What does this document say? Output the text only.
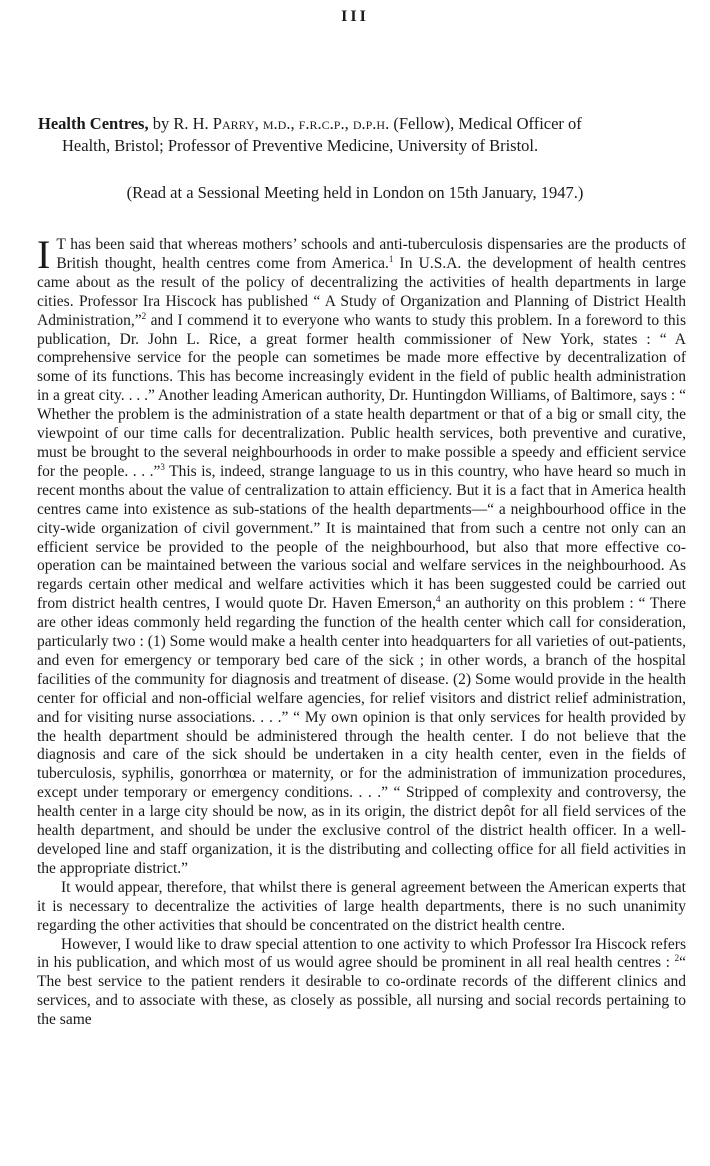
III
Health Centres, by R. H. Parry, m.d., f.r.c.p., d.p.h. (Fellow), Medical Officer of
Health, Bristol; Professor of Preventive Medicine, University of Bristol.
(Read at a Sessional Meeting held in London on 15th January, 1947.)

I T has been said that whereas mothers’ schools and anti-tuberculosis dispensaries are the products of British thought, health centres come from America.$^1$ In U.S.A. the development of health centres came about as the result of the policy of decentralizing the activities of health departments in large cities. Professor Ira Hiscock has published “ A Study of Organization and Planning of District Health Administration,”$^2$ and I commend it to everyone who wants to study this problem. In a foreword to this publication, Dr. John L. Rice, a great former health commissioner of New York, states : “ A comprehensive service for the people can sometimes be made more effective by decentralization of some of its functions. This has become increasingly evident in the field of public health administration in a great city. . . .” Another leading American authority, Dr. Huntingdon Williams, of Baltimore, says : “ Whether the problem is the administration of a state health department or that of a big or small city, the viewpoint of our time calls for decentralization. Public health services, both preventive and curative, must be brought to the several neighbourhoods in order to make possible a speedy and efficient service for the people. . . .”$^3$ This is, indeed, strange language to us in this country, who have heard so much in recent months about the value of centralization to attain efficiency. But it is a fact that in America health centres came into existence as sub-stations of the health departments—“ a neighbourhood office in the city-wide organization of civil government.” It is maintained that from such a centre not only can an efficient service be provided to the people of the neighbourhood, but also that more effective co-operation can be maintained between the various social and welfare services in the neighbourhood. As regards certain other medical and welfare activities which it has been suggested could be carried out from district health centres, I would quote Dr. Haven Emerson,$^4$ an authority on this problem : “ There are other ideas commonly held regarding the function of the health center which call for consideration, particularly two : (1) Some would make a health center into headquarters for all varieties of out-patients, and even for emergency or temporary bed care of the sick ; in other words, a branch of the hospital facilities of the community for diagnosis and treatment of disease. (2) Some would provide in the health center for official and non-official welfare agencies, for relief visitors and district relief administration, and for visiting nurse associations. . . .” “ My own opinion is that only services for health provided by the health department should be administered through the health center. I do not believe that the diagnosis and care of the sick should be undertaken in a city health center, even in the fields of tuberculosis, syphilis, gonorrhœa or maternity, or for the administration of immunization procedures, except under temporary or emergency conditions. . . .” “ Stripped of complexity and controversy, the health center in a large city should be now, as in its origin, the district depôt for all field services of the health department, and should be under the exclusive control of the district health officer. In a well-developed line and staff organization, it is the distributing and collecting office for all field activities in the appropriate district.”

It would appear, therefore, that whilst there is general agreement between the American experts that it is necessary to decentralize the activities of large health departments, there is no such unanimity regarding the other activities that should be concentrated on the district health centre.

However, I would like to draw special attention to one activity to which Professor Ira Hiscock refers in his publication, and which most of us would agree should be prominent in all real health centres : $^2$“ The best service to the patient renders it desirable to co-ordinate records of the different clinics and services, and to associate with these, as closely as possible, all nursing and social records pertaining to the same
